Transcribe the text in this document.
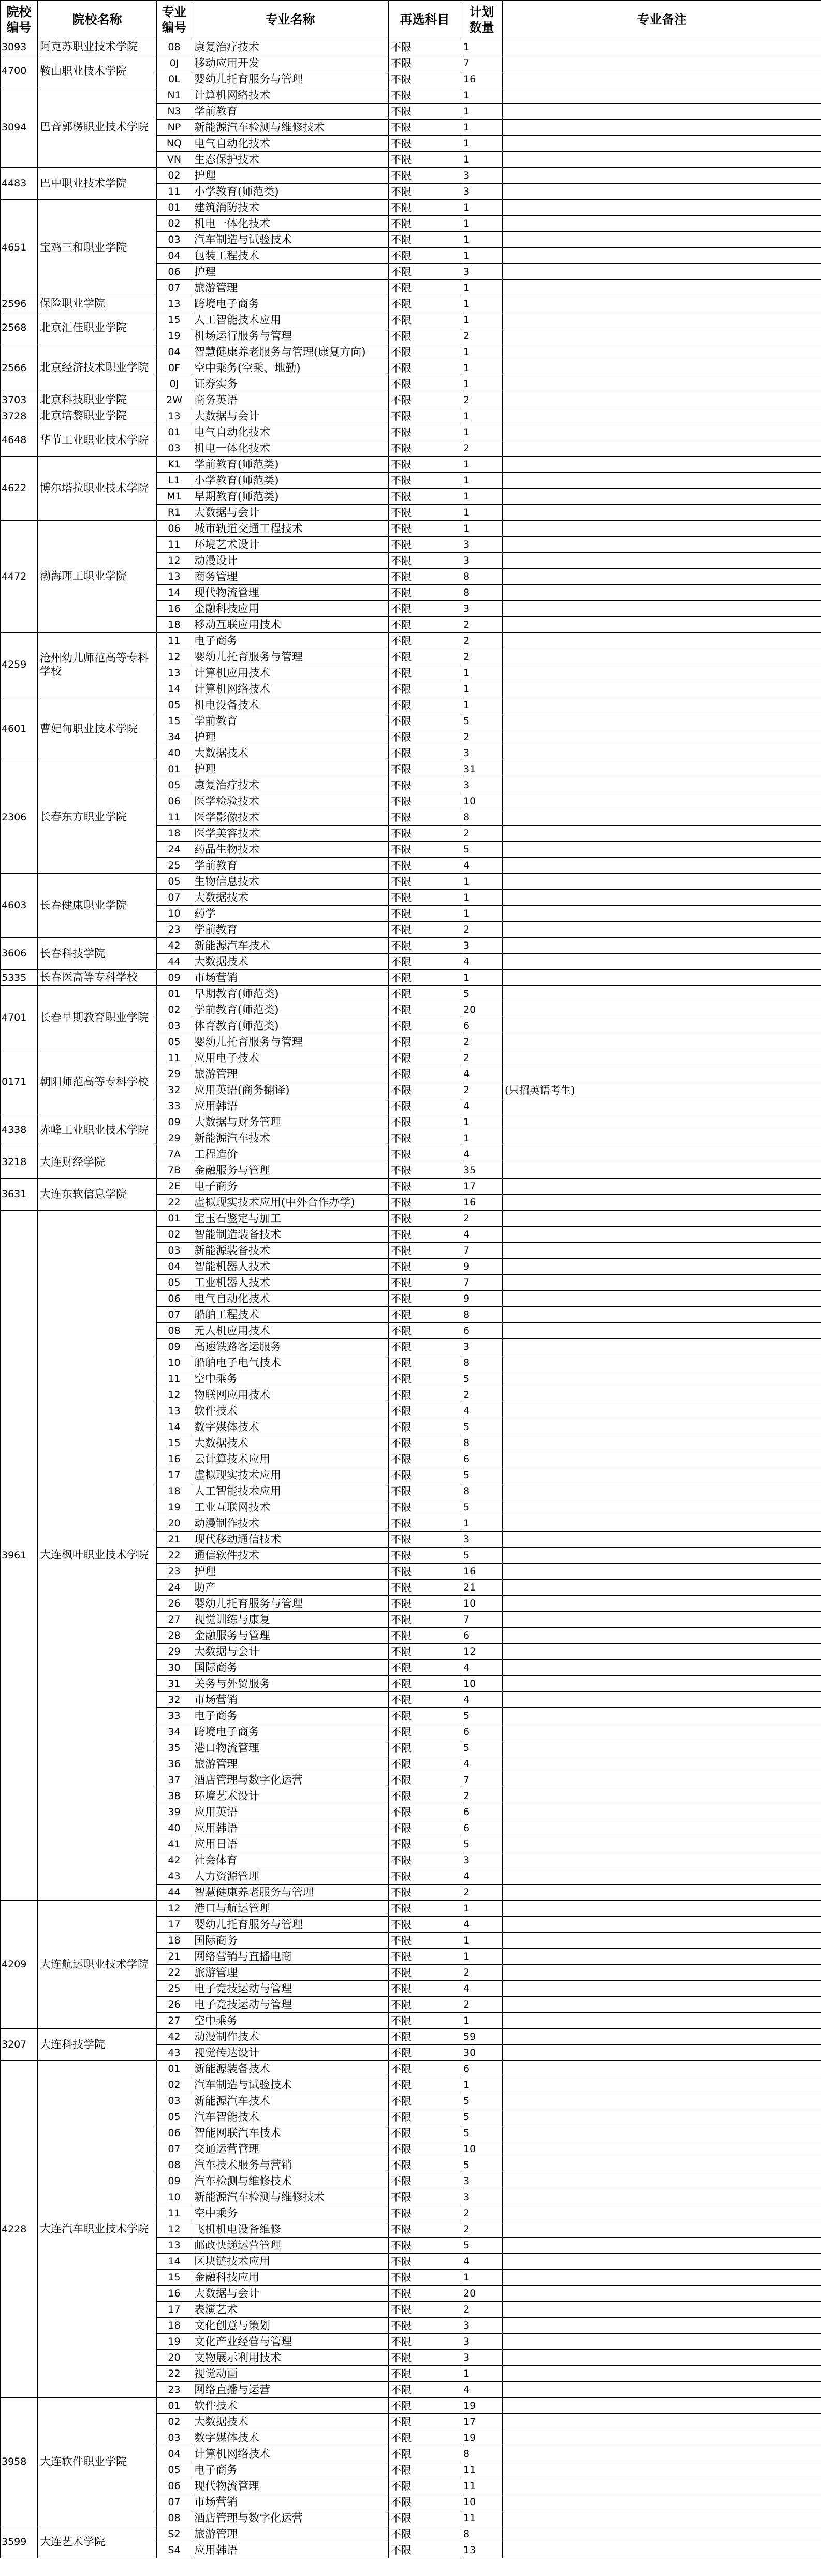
院校编号	院校名称	专业编号	专业名称	再选科目	计划数量	专业备注
3093	阿克苏职业技术学院	08	康复治疗技术	不限	1	
4700	鞍山职业技术学院	0J	移动应用开发	不限	7	
		0L	婴幼儿托育服务与管理	不限	16	
3094	巴音郭楞职业技术学院	N1	计算机网络技术	不限	1	
		N3	学前教育	不限	1	
		NP	新能源汽车检测与维修技术	不限	1	
		NQ	电气自动化技术	不限	1	
		VN	生态保护技术	不限	1	
4483	巴中职业技术学院	02	护理	不限	3	
		11	小学教育(师范类)	不限	3	
4651	宝鸡三和职业学院	01	建筑消防技术	不限	1	
		02	机电一体化技术	不限	1	
		03	汽车制造与试验技术	不限	1	
		04	包装工程技术	不限	1	
		06	护理	不限	3	
		07	旅游管理	不限	1	
2596	保险职业学院	13	跨境电子商务	不限	1	
2568	北京汇佳职业学院	15	人工智能技术应用	不限	1	
		19	机场运行服务与管理	不限	2	
2566	北京经济技术职业学院	04	智慧健康养老服务与管理(康复方向)	不限	1	
		0F	空中乘务(空乘、地勤)	不限	1	
		0J	证券实务	不限	1	
3703	北京科技职业学院	2W	商务英语	不限	2	
3728	北京培黎职业学院	13	大数据与会计	不限	1	
4648	华节工业职业技术学院	01	电气自动化技术	不限	1	
		03	机电一体化技术	不限	2	
4622	博尔塔拉职业技术学院	K1	学前教育(师范类)	不限	1	
		L1	小学教育(师范类)	不限	1	
		M1	早期教育(师范类)	不限	1	
		R1	大数据与会计	不限	1	
4472	渤海理工职业学院	06	城市轨道交通工程技术	不限	1	
		11	环境艺术设计	不限	3	
		12	动漫设计	不限	3	
		13	商务管理	不限	8	
		14	现代物流管理	不限	8	
		16	金融科技应用	不限	3	
		18	移动互联应用技术	不限	2	
4259	沧州幼儿师范高等专科学校	11	电子商务	不限	2	
		12	婴幼儿托育服务与管理	不限	2	
		13	计算机应用技术	不限	1	
		14	计算机网络技术	不限	1	
4601	曹妃甸职业技术学院	05	机电设备技术	不限	1	
		15	学前教育	不限	5	
		34	护理	不限	2	
		40	大数据技术	不限	3	
2306	长春东方职业学院	01	护理	不限	31	
		05	康复治疗技术	不限	3	
		06	医学检验技术	不限	10	
		11	医学影像技术	不限	8	
		18	医学美容技术	不限	2	
		24	药品生物技术	不限	5	
		25	学前教育	不限	4	
4603	长春健康职业学院	05	生物信息技术	不限	1	
		07	大数据技术	不限	1	
		10	药学	不限	1	
		23	学前教育	不限	2	
3606	长春科技学院	42	新能源汽车技术	不限	3	
		44	大数据技术	不限	4	
5335	长春医高等专科学校	09	市场营销	不限	1	
4701	长春早期教育职业学院	01	早期教育(师范类)	不限	5	
		02	学前教育(师范类)	不限	20	
		03	体育教育(师范类)	不限	6	
		05	婴幼儿托育服务与管理	不限	2	
0171	朝阳师范高等专科学校	11	应用电子技术	不限	2	
		29	旅游管理	不限	4	
		32	应用英语(商务翻译)	不限	2	(只招英语考生)
		33	应用韩语	不限	4	
4338	赤峰工业职业技术学院	09	大数据与财务管理	不限	1	
		29	新能源汽车技术	不限	1	
3218	大连财经学院	7A	工程造价	不限	4	
		7B	金融服务与管理	不限	35	
3631	大连东软信息学院	2E	电子商务	不限	17	
		22	虚拟现实技术应用(中外合作办学)	不限	16	
3961	大连枫叶职业技术学院	01	宝玉石鉴定与加工	不限	2	
		02	智能制造装备技术	不限	4	
		03	新能源装备技术	不限	7	
		04	智能机器人技术	不限	9	
		05	工业机器人技术	不限	7	
		06	电气自动化技术	不限	9	
		07	船舶工程技术	不限	8	
		08	无人机应用技术	不限	6	
		09	高速铁路客运服务	不限	3	
		10	船舶电子电气技术	不限	8	
		11	空中乘务	不限	5	
		12	物联网应用技术	不限	2	
		13	软件技术	不限	4	
		14	数字媒体技术	不限	5	
		15	大数据技术	不限	8	
		16	云计算技术应用	不限	6	
		17	虚拟现实技术应用	不限	5	
		18	人工智能技术应用	不限	8	
		19	工业互联网技术	不限	5	
		20	动漫制作技术	不限	1	
		21	现代移动通信技术	不限	3	
		22	通信软件技术	不限	5	
		23	护理	不限	16	
		24	助产	不限	21	
		26	婴幼儿托育服务与管理	不限	10	
		27	视觉训练与康复	不限	7	
		28	金融服务与管理	不限	6	
		29	大数据与会计	不限	12	
		30	国际商务	不限	4	
		31	关务与外贸服务	不限	10	
		32	市场营销	不限	4	
		33	电子商务	不限	5	
		34	跨境电子商务	不限	6	
		35	港口物流管理	不限	5	
		36	旅游管理	不限	4	
		37	酒店管理与数字化运营	不限	7	
		38	环境艺术设计	不限	2	
		39	应用英语	不限	6	
		40	应用韩语	不限	6	
		41	应用日语	不限	5	
		42	社会体育	不限	3	
		43	人力资源管理	不限	4	
		44	智慧健康养老服务与管理	不限	2	
4209	大连航运职业技术学院	12	港口与航运管理	不限	1	
		17	婴幼儿托育服务与管理	不限	4	
		18	国际商务	不限	1	
		21	网络营销与直播电商	不限	1	
		22	旅游管理	不限	2	
		25	电子竞技运动与管理	不限	4	
		26	电子竞技运动与管理	不限	2	
		27	空中乘务	不限	1	
3207	大连科技学院	42	动漫制作技术	不限	59	
		43	视觉传达设计	不限	30	
4228	大连汽车职业技术学院	01	新能源装备技术	不限	6	
		02	汽车制造与试验技术	不限	1	
		03	新能源汽车技术	不限	5	
		05	汽车智能技术	不限	5	
		06	智能网联汽车技术	不限	5	
		07	交通运营管理	不限	10	
		08	汽车技术服务与营销	不限	5	
		09	汽车检测与维修技术	不限	3	
		10	新能源汽车检测与维修技术	不限	3	
		11	空中乘务	不限	2	
		12	飞机机电设备维修	不限	2	
		13	邮政快递运营管理	不限	5	
		14	区块链技术应用	不限	4	
		15	金融科技应用	不限	1	
		16	大数据与会计	不限	20	
		17	表演艺术	不限	2	
		18	文化创意与策划	不限	3	
		19	文化产业经营与管理	不限	3	
		20	文物展示利用技术	不限	3	
		22	视觉动画	不限	1	
		23	网络直播与运营	不限	4	
3958	大连软件职业学院	01	软件技术	不限	19	
		02	大数据技术	不限	17	
		03	数字媒体技术	不限	19	
		04	计算机网络技术	不限	8	
		05	电子商务	不限	11	
		06	现代物流管理	不限	11	
		07	市场营销	不限	10	
		08	酒店管理与数字化运营	不限	11	
3599	大连艺术学院	S2	旅游管理	不限	8	
		S4	应用韩语	不限	13	
